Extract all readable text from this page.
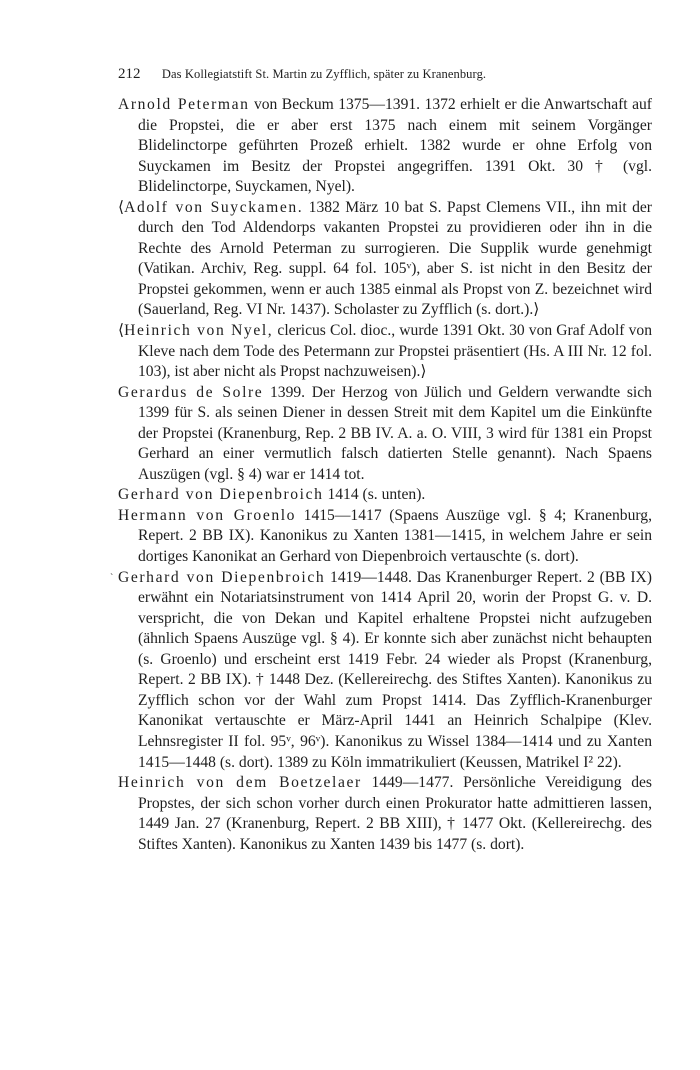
212 Das Kollegiatstift St. Martin zu Zyfflich, später zu Kranenburg.
`

Arnold Peterman von Beckum 1375—1391. 1372 erhielt er die Anwartschaft auf die Propstei, die er aber erst 1375 nach einem mit seinem Vorgänger Blidelinctorpe geführten Prozeß erhielt. 1382 wurde er ohne Erfolg von Suyckamen im Besitz der Propstei angegriffen. 1391 Okt. 30 † (vgl. Blidelinctorpe, Suyckamen, Nyel).

⟨Adolf von Suyckamen. 1382 März 10 bat S. Papst Clemens VII., ihn mit der durch den Tod Aldendorps vakanten Propstei zu providieren oder ihn in die Rechte des Arnold Peterman zu surrogieren. Die Supplik wurde genehmigt (Vatikan. Archiv, Reg. suppl. 64 fol. 105ᵛ), aber S. ist nicht in den Besitz der Propstei gekommen, wenn er auch 1385 einmal als Propst von Z. bezeichnet wird (Sauerland, Reg. VI Nr. 1437). Scholaster zu Zyfflich (s. dort.).⟩

⟨Heinrich von Nyel, clericus Col. dioc., wurde 1391 Okt. 30 von Graf Adolf von Kleve nach dem Tode des Petermann zur Propstei präsentiert (Hs. A III Nr. 12 fol. 103), ist aber nicht als Propst nachzuweisen).⟩

Gerardus de Solre 1399. Der Herzog von Jülich und Geldern verwandte sich 1399 für S. als seinen Diener in dessen Streit mit dem Kapitel um die Einkünfte der Propstei (Kranenburg, Rep. 2 BB IV. A. a. O. VIII, 3 wird für 1381 ein Propst Gerhard an einer vermutlich falsch datierten Stelle genannt). Nach Spaens Auszügen (vgl. § 4) war er 1414 tot.

Gerhard von Diepenbroich 1414 (s. unten).

Hermann von Groenlo 1415—1417 (Spaens Auszüge vgl. § 4; Kranenburg, Repert. 2 BB IX). Kanonikus zu Xanten 1381—1415, in welchem Jahre er sein dortiges Kanonikat an Gerhard von Diepenbroich vertauschte (s. dort).

Gerhard von Diepenbroich 1419—1448. Das Kranenburger Repert. 2 (BB IX) erwähnt ein Notariatsinstrument von 1414 April 20, worin der Propst G. v. D. verspricht, die von Dekan und Kapitel erhaltene Propstei nicht aufzugeben (ähnlich Spaens Auszüge vgl. § 4). Er konnte sich aber zunächst nicht behaupten (s. Groenlo) und erscheint erst 1419 Febr. 24 wieder als Propst (Kranenburg, Repert. 2 BB IX). † 1448 Dez. (Kellereirechg. des Stiftes Xanten). Kanonikus zu Zyfflich schon vor der Wahl zum Propst 1414. Das Zyfflich-Kranenburger Kanonikat vertauschte er März-April 1441 an Heinrich Schalpipe (Klev. Lehnsregister II fol. 95ᵛ, 96ᵛ). Kanonikus zu Wissel 1384—1414 und zu Xanten 1415—1448 (s. dort). 1389 zu Köln immatrikuliert (Keussen, Matrikel I² 22).

Heinrich von dem Boetzelaer 1449—1477. Persönliche Vereidigung des Propstes, der sich schon vorher durch einen Prokurator hatte admittieren lassen, 1449 Jan. 27 (Kranenburg, Repert. 2 BB XIII), † 1477 Okt. (Kellereirechg. des Stiftes Xanten). Kanonikus zu Xanten 1439 bis 1477 (s. dort).
